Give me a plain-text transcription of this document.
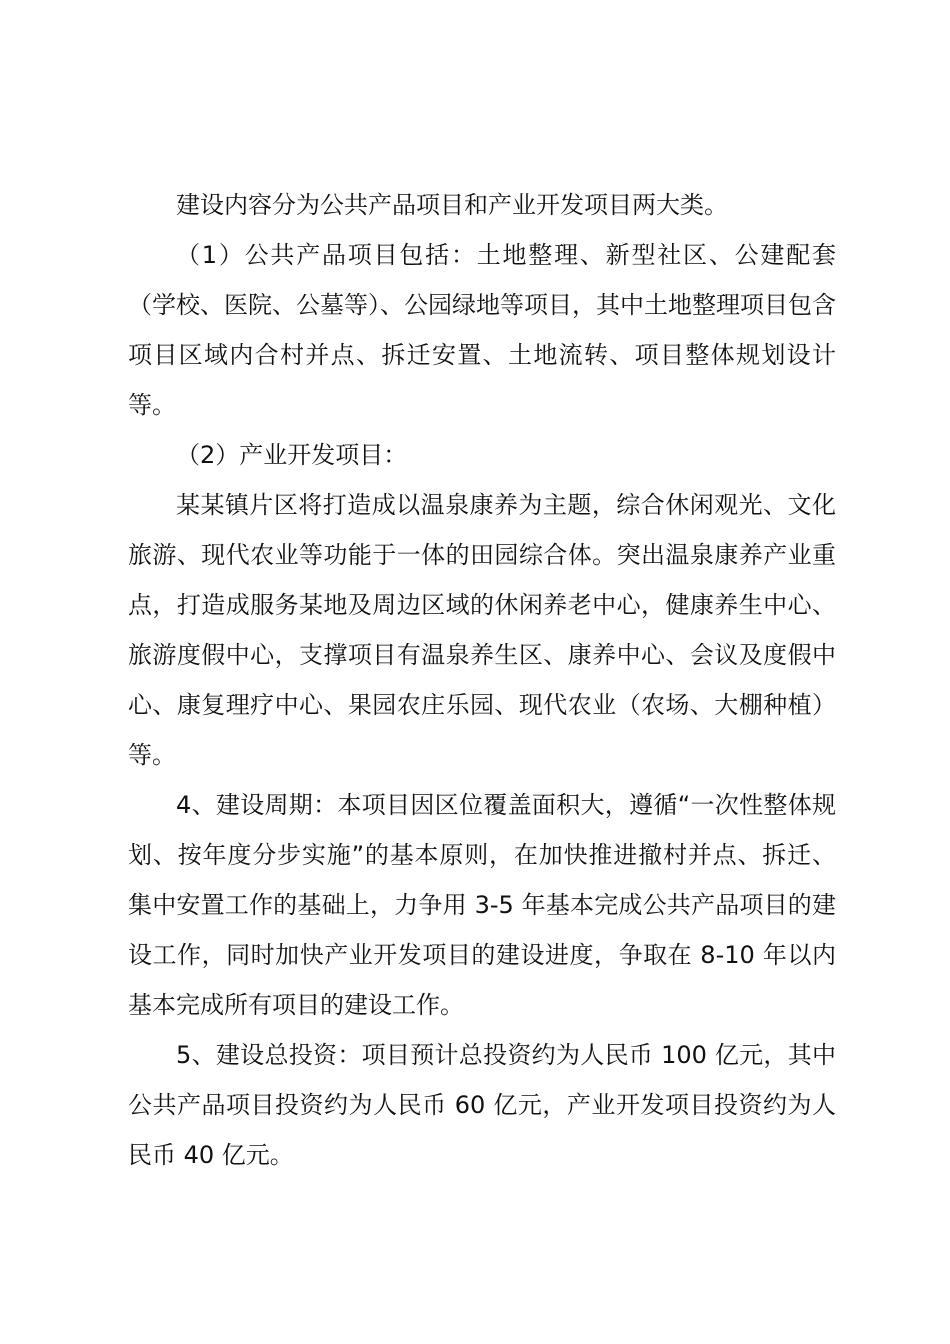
建设内容分为公共产品项目和产业开发项目两大类。

（1）公共产品项目包括：土地整理、新型社区、公建配套（学校、医院、公墓等）、公园绿地等项目，其中土地整理项目包含项目区域内合村并点、拆迁安置、土地流转、项目整体规划设计等。

（2）产业开发项目：

某某镇片区将打造成以温泉康养为主题，综合休闲观光、文化旅游、现代农业等功能于一体的田园综合体。突出温泉康养产业重点，打造成服务某地及周边区域的休闲养老中心，健康养生中心、旅游度假中心，支撑项目有温泉养生区、康养中心、会议及度假中心、康复理疗中心、果园农庄乐园、现代农业（农场、大棚种植）等。

4、建设周期：本项目因区位覆盖面积大，遵循“一次性整体规划、按年度分步实施”的基本原则，在加快推进撤村并点、拆迁、集中安置工作的基础上，力争用 3-5 年基本完成公共产品项目的建设工作，同时加快产业开发项目的建设进度，争取在 8-10 年以内基本完成所有项目的建设工作。

5、建设总投资：项目预计总投资约为人民币 100 亿元，其中公共产品项目投资约为人民币 60 亿元，产业开发项目投资约为人民币 40 亿元。
